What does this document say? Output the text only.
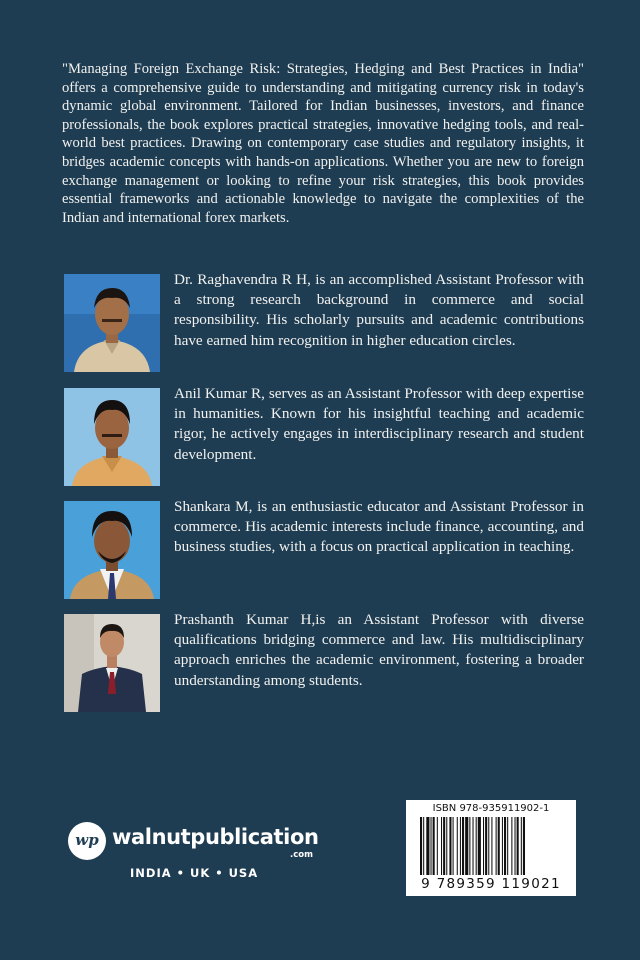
"Managing Foreign Exchange Risk: Strategies, Hedging and Best Practices in India" offers a comprehensive guide to understanding and mitigating currency risk in today's dynamic global environment. Tailored for Indian businesses, investors, and finance professionals, the book explores practical strategies, innovative hedging tools, and real-world best practices. Drawing on contemporary case studies and regulatory insights, it bridges academic concepts with hands-on applications. Whether you are new to foreign exchange management or looking to refine your risk strategies, this book provides essential frameworks and actionable knowledge to navigate the complexities of the Indian and international forex markets.

Dr. Raghavendra R H, is an accomplished Assistant Professor with a strong research background in commerce and social responsibility. His scholarly pursuits and academic contributions have earned him recognition in higher education circles.

Anil Kumar R, serves as an Assistant Professor with deep expertise in humanities. Known for his insightful teaching and academic rigor, he actively engages in interdisciplinary research and student development.

Shankara M, is an enthusiastic educator and Assistant Professor in commerce. His academic interests include finance, accounting, and business studies, with a focus on practical application in teaching.

Prashanth Kumar H,is an Assistant Professor with diverse qualifications bridging commerce and law. His multidisciplinary approach enriches the academic environment, fostering a broader understanding among students.

wp walnutpublication
.com
INDIA • UK • USA
ISBN 978-935911902-1
9 789359 119021
